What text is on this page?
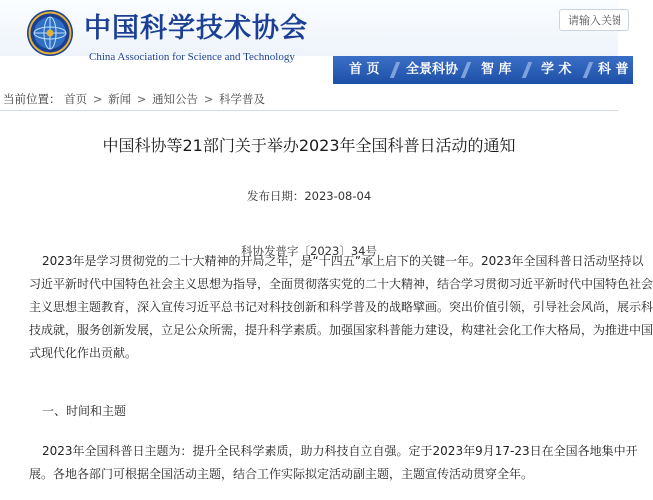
中国科学技术协会
China Association for Science and Technology
请输入关键
首 页 全景科协 智 库 学 术 科 普
当前位置： 首页 > 新闻 > 通知公告 > 科学普及
中国科协等21部门关于举办2023年全国科普日活动的通知
发布日期：2023-08-04
科协发普字〔2023〕34号
2023年是学习贯彻党的二十大精神的开局之年，是“十四五”承上启下的关键一年。2023年全国科普日活动坚持以
习近平新时代中国特色社会主义思想为指导，全面贯彻落实党的二十大精神，结合学习贯彻习近平新时代中国特色社会
主义思想主题教育，深入宣传习近平总书记对科技创新和科学普及的战略擘画。突出价值引领，引导社会风尚，展示科
技成就，服务创新发展，立足公众所需，提升科学素质。加强国家科普能力建设，构建社会化工作大格局，为推进中国
式现代化作出贡献。
一、时间和主题
2023年全国科普日主题为：提升全民科学素质，助力科技自立自强。定于2023年9月17-23日在全国各地集中开
展。各地各部门可根据全国活动主题，结合工作实际拟定活动副主题，主题宣传活动贯穿全年。
